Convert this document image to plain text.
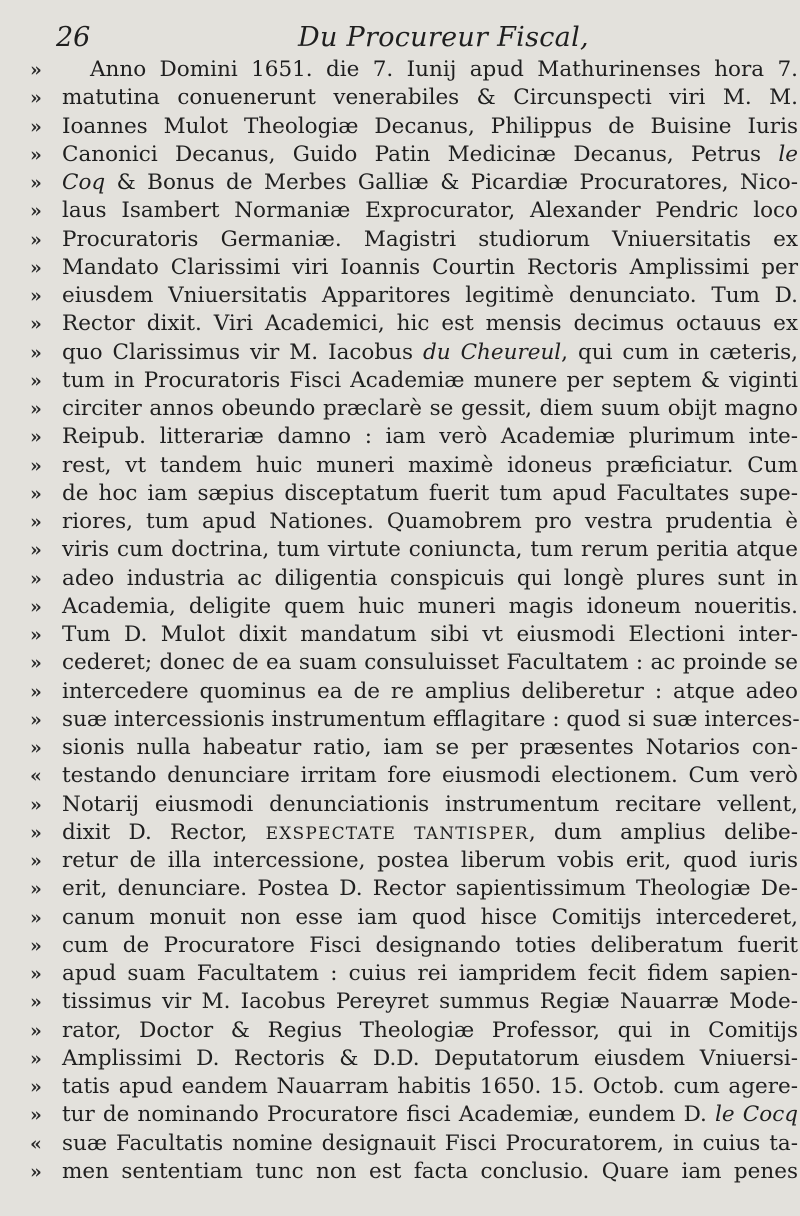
26	Du Procureur Fiscal,
»	Anno Domini 1651. die 7. Iunij apud Mathurinenses hora 7.
» matutina conuenerunt venerabiles & Circunspecti viri M. M.
» Ioannes Mulot Theologiæ Decanus, Philippus de Buisine Iuris
» Canonici Decanus, Guido Patin Medicinæ Decanus, Petrus le
» Coq & Bonus de Merbes Galliæ & Picardiæ Procuratores, Nico-
» laus Isambert Normaniæ Exprocurator, Alexander Pendric loco
» Procuratoris Germaniæ. Magistri studiorum Vniuersitatis ex
» Mandato Clarissimi viri Ioannis Courtin Rectoris Amplissimi per
» eiusdem Vniuersitatis Apparitores legitimè denunciato. Tum D.
» Rector dixit. Viri Academici, hic est mensis decimus octauus ex
» quo Clarissimus vir M. Iacobus du Cheureul, qui cum in cæteris,
» tum in Procuratoris Fisci Academiæ munere per septem & viginti
» circiter annos obeundo præclarè se gessit, diem suum obijt magno
» Reipub. litterariæ damno : iam verò Academiæ plurimum inte-
» rest, vt tandem huic muneri maximè idoneus præficiatur. Cum
» de hoc iam sæpius disceptatum fuerit tum apud Facultates supe-
» riores, tum apud Nationes. Quamobrem pro vestra prudentia è
» viris cum doctrina, tum virtute coniuncta, tum rerum peritia atque
» adeo industria ac diligentia conspicuis qui longè plures sunt in
» Academia, deligite quem huic muneri magis idoneum noueritis.
» Tum D. Mulot dixit mandatum sibi vt eiusmodi Electioni inter-
» cederet; donec de ea suam consuluisset Facultatem : ac proinde se
» intercedere quominus ea de re amplius deliberetur : atque adeo
» suæ intercessionis instrumentum efflagitare : quod si suæ interces-
» sionis nulla habeatur ratio, iam se per præsentes Notarios con-
« testando denunciare irritam fore eiusmodi electionem. Cum verò
» Notarij eiusmodi denunciationis instrumentum recitare vellent,
» dixit D. Rector, EXSPECTATE TANTISPER, dum amplius delibe-
» retur de illa intercessione, postea liberum vobis erit, quod iuris
» erit, denunciare. Postea D. Rector sapientissimum Theologiæ De-
» canum monuit non esse iam quod hisce Comitijs intercederet,
» cum de Procuratore Fisci designando toties deliberatum fuerit
» apud suam Facultatem : cuius rei iampridem fecit fidem sapien-
» tissimus vir M. Iacobus Pereyret summus Regiæ Nauarræ Mode-
» rator, Doctor & Regius Theologiæ Professor, qui in Comitijs
» Amplissimi D. Rectoris & D.D. Deputatorum eiusdem Vniuersi-
» tatis apud eandem Nauarram habitis 1650. 15. Octob. cum agere-
» tur de nominando Procuratore fisci Academiæ, eundem D. le Cocq
« suæ Facultatis nomine designauit Fisci Procuratorem, in cuius ta-
» men sententiam tunc non est facta conclusio. Quare iam penes
